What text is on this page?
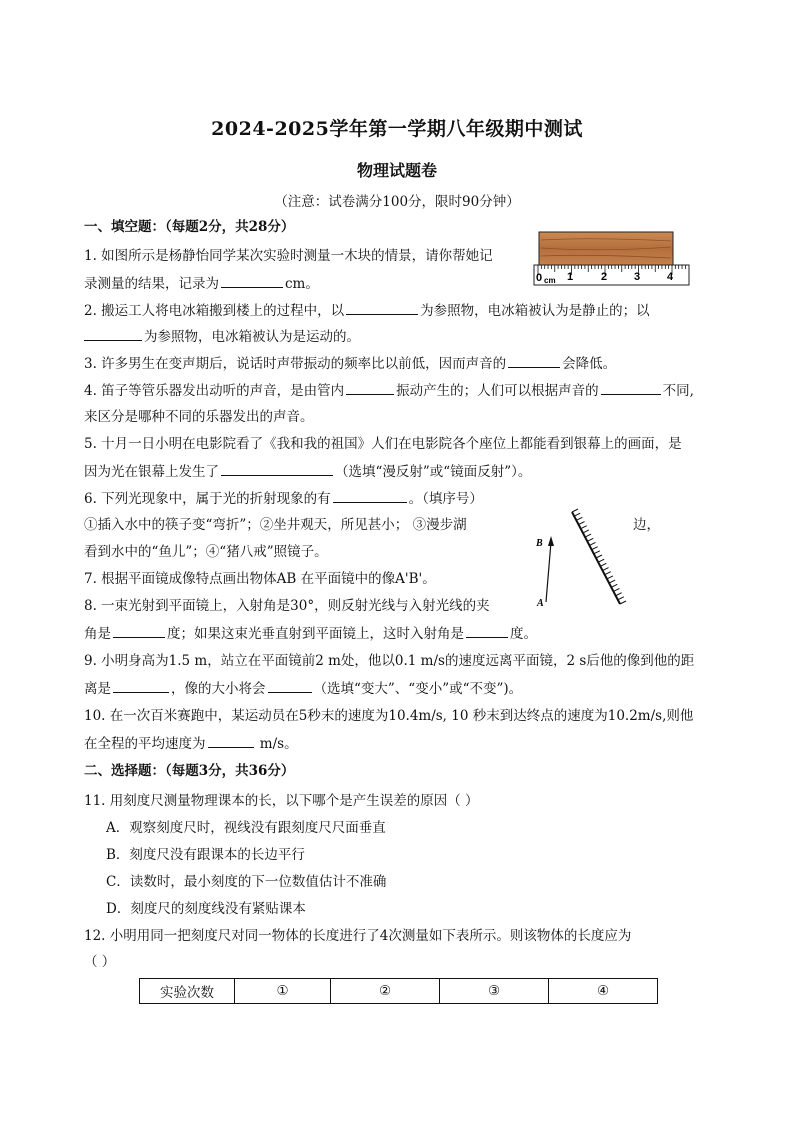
2024-2025学年第一学期八年级期中测试
物理试题卷
（注意：试卷满分100分，限时90分钟）
一、填空题：（每题2分，共28分）
1. 如图所示是杨静怡同学某次实验时测量一木块的情景，请你帮她记
录测量的结果，记录为	cm。	0 cm 1	2 3 4
2. 搬运工人将电冰箱搬到楼上的过程中，以	为参照物，电冰箱被认为是静止的；以
为参照物，电冰箱被认为是运动的。
3. 许多男生在变声期后，说话时声带振动的频率比以前低，因而声音的	会降低。
4. 笛子等管乐器发出动听的声音，是由管内	振动产生的；人们可以根据声音的	不同,
来区分是哪种不同的乐器发出的声音。
5. 十月一日小明在电影院看了《我和我的祖国》人们在电影院各个座位上都能看到银幕上的画面，是
因为光在银幕上发生了	（选填“漫反射”或“镜面反射”）。
6. 下列光现象中，属于光的折射现象的有	。（填序号）
①插入水中的筷子变“弯折”；②坐井观天，所见甚小； ③漫步湖	边，
看到水中的“鱼儿”；④“猪八戒”照镜子。
7. 根据平面镜成像特点画出物体AB 在平面镜中的像A'B'。
B
A
8. 一束光射到平面镜上，入射角是30°，则反射光线与入射光线的夹
角是	度；如果这束光垂直射到平面镜上，这时入射角是	度。
9. 小明身高为1.5 m，站立在平面镜前2 m处，他以0.1 m/s的速度远离平面镜，2 s后他的像到他的距
离是	，像的大小将会	（选填“变大”、“变小”或“不变”)。
10. 在一次百米赛跑中，某运动员在5秒末的速度为10.4m/s, 10 秒末到达终点的速度为10.2m/s,则他
在全程的平均速度为	m/s。
二、选择题：（每题3分，共36分）
11. 用刻度尺测量物理课本的长，以下哪个是产生误差的原因（ ）
A．观察刻度尺时，视线没有跟刻度尺尺面垂直
B．刻度尺没有跟课本的长边平行
C．读数时，最小刻度的下一位数值估计不准确
D．刻度尺的刻度线没有紧贴课本
12. 小明用同一把刻度尺对同一物体的长度进行了4次测量如下表所示。则该物体的长度应为
（ ）
实验次数	①	②	③	④
